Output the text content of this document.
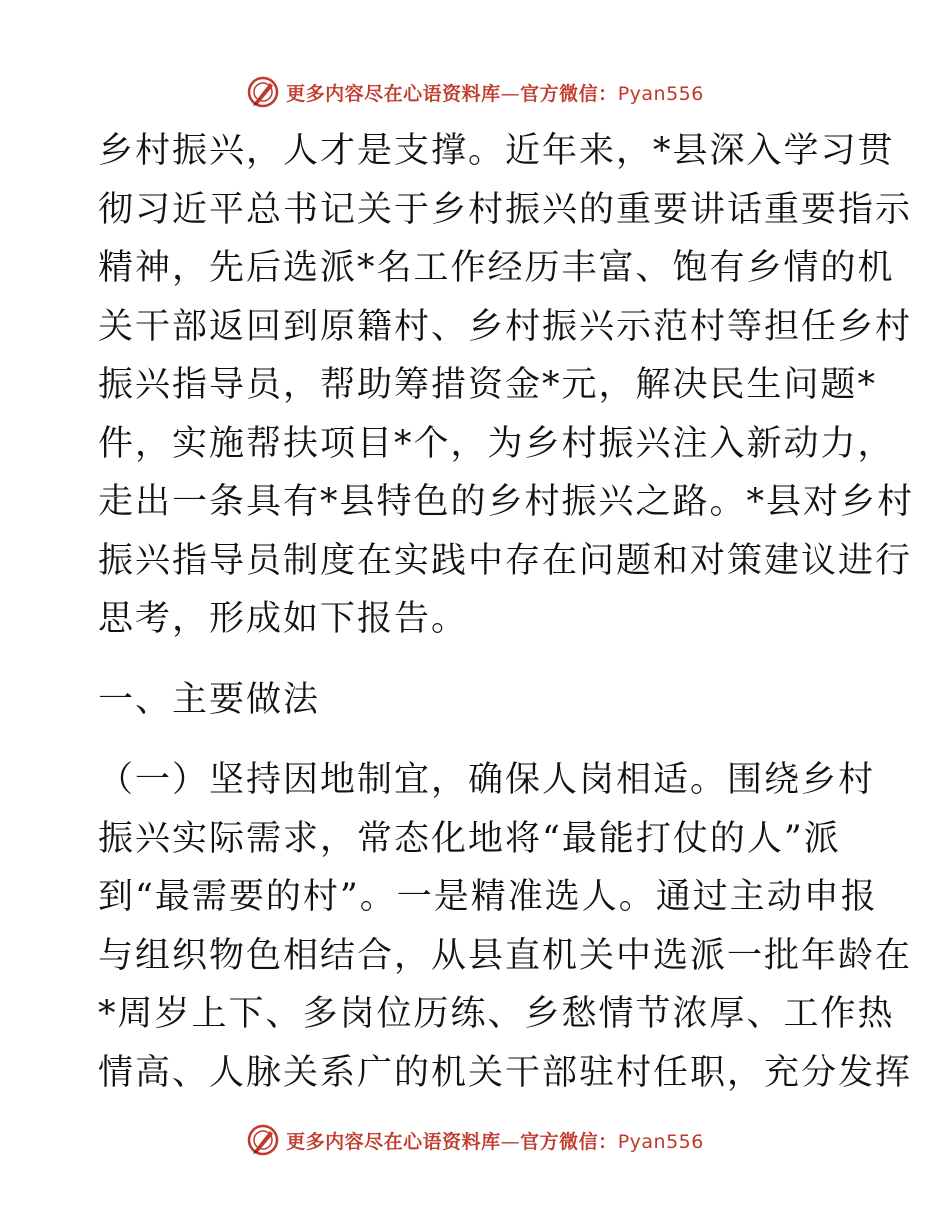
更多内容尽在心语资料库—官方微信：Pyan556
乡村振兴，人才是支撑。近年来，*县深入学习贯
彻习近平总书记关于乡村振兴的重要讲话重要指示
精神，先后选派*名工作经历丰富、饱有乡情的机
关干部返回到原籍村、乡村振兴示范村等担任乡村
振兴指导员，帮助筹措资金*元，解决民生问题*
件，实施帮扶项目*个，为乡村振兴注入新动力，
走出一条具有*县特色的乡村振兴之路。*县对乡村
振兴指导员制度在实践中存在问题和对策建议进行
思考，形成如下报告。
一、主要做法
（一）坚持因地制宜，确保人岗相适。围绕乡村
振兴实际需求，常态化地将“最能打仗的人”派
到“最需要的村”。一是精准选人。通过主动申报
与组织物色相结合，从县直机关中选派一批年龄在
*周岁上下、多岗位历练、乡愁情节浓厚、工作热
情高、人脉关系广的机关干部驻村任职，充分发挥
更多内容尽在心语资料库—官方微信：Pyan556
